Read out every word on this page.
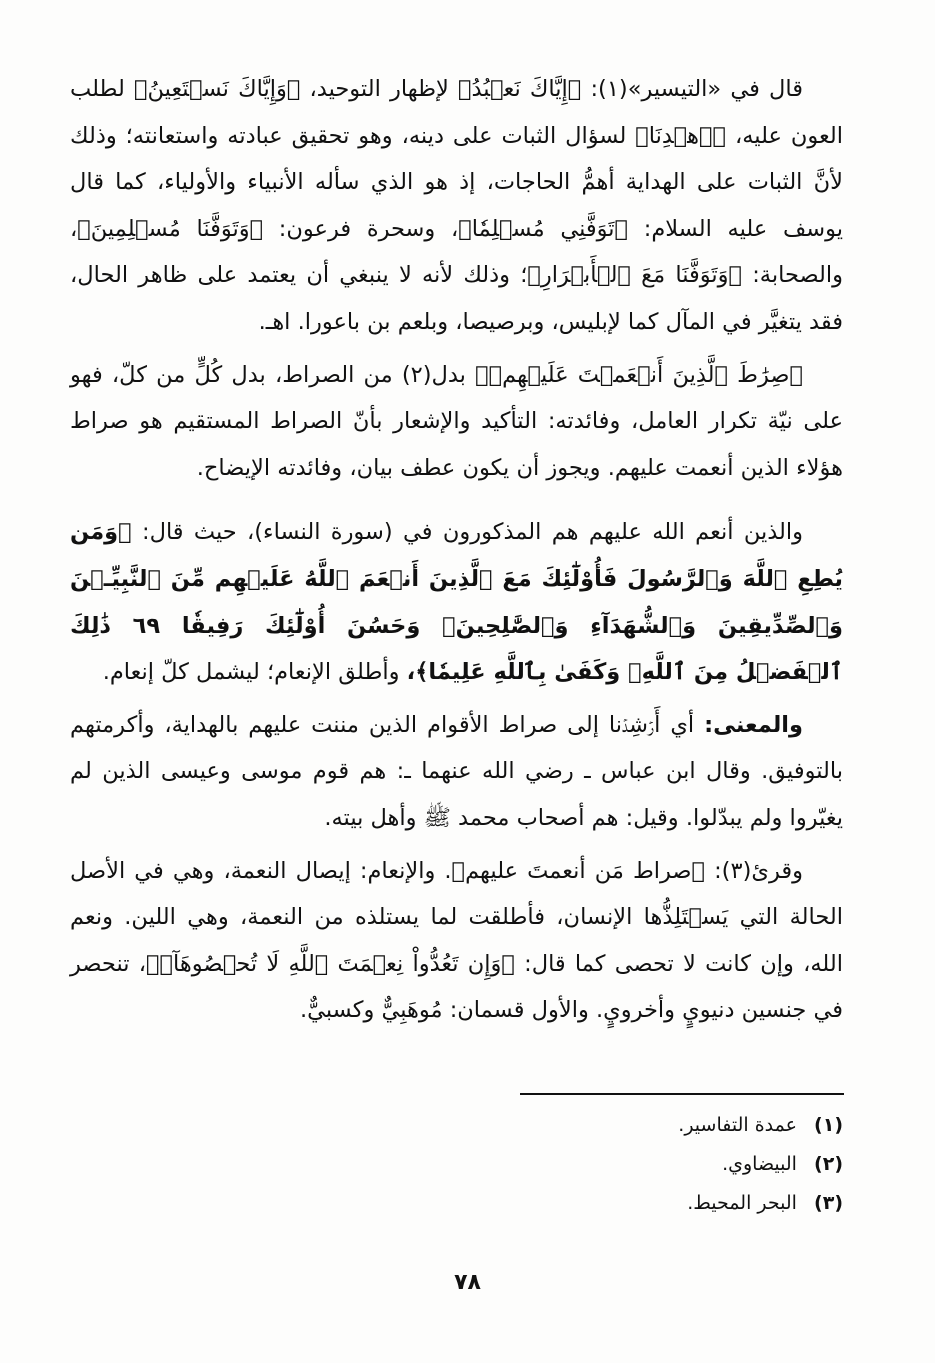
قال في «التيسير»(١): ﴿إِيَّاكَ نَعۡبُدُ﴾ لإظهار التوحيد، ﴿وَإِيَّاكَ نَسۡتَعِينُ﴾ لطلب العون عليه، ﴿ٱهۡدِنَا﴾ لسؤال الثبات على دينه، وهو تحقيق عبادته واستعانته؛ وذلك لأنَّ الثبات على الهداية أهمُّ الحاجات، إذ هو الذي سأله الأنبياء والأولياء، كما قال يوسف عليه السلام: ﴿تَوَفَّنِي مُسۡلِمٗا﴾، وسحرة فرعون: ﴿وَتَوَفَّنَا مُسۡلِمِينَ﴾، والصحابة: ﴿وَتَوَفَّنَا مَعَ ٱلۡأَبۡرَارِ﴾؛ وذلك لأنه لا ينبغي أن يعتمد على ظاهر الحال، فقد يتغيَّر في المآل كما لإبليس، وبرصيصا، وبلعم بن باعورا. اهـ.

﴿صِرَٰطَ ٱلَّذِينَ أَنۡعَمۡتَ عَلَيۡهِمۡ﴾ بدل(٢) من الصراط، بدل كُلٍّ من كلّ، فهو على نيّة تكرار العامل، وفائدته: التأكيد والإشعار بأنّ الصراط المستقيم هو صراط هؤلاء الذين أنعمت عليهم. ويجوز أن يكون عطف بيان، وفائدته الإيضاح.

والذين أنعم الله عليهم هم المذكورون في (سورة النساء)، حيث قال: ﴿وَمَن يُطِعِ ٱللَّهَ وَٱلرَّسُولَ فَأُوْلَٰٓئِكَ مَعَ ٱلَّذِينَ أَنۡعَمَ ٱللَّهُ عَلَيۡهِم مِّنَ ٱلنَّبِيِّـۧنَ وَٱلصِّدِّيقِينَ وَٱلشُّهَدَآءِ وَٱلصَّٰلِحِينَۚ وَحَسُنَ أُوْلَٰٓئِكَ رَفِيقٗا ٦٩ ذَٰلِكَ ٱلۡفَضۡلُ مِنَ ٱللَّهِۚ وَكَفَىٰ بِٱللَّهِ عَلِيمٗا﴾، وأطلق الإنعام؛ ليشمل كلّ إنعام.

والمعنى: أي أَرۡشِدۡنا إلى صراط الأقوام الذين مننت عليهم بالهداية، وأكرمتهم بالتوفيق. وقال ابن عباس ـ رضي الله عنهما ـ: هم قوم موسى وعيسى الذين لم يغيّروا ولم يبدّلوا. وقيل: هم أصحاب محمد ﷺ وأهل بيته.

وقرئ(٣): ﴿صراط مَن أنعمتَ عليهم﴾. والإنعام: إيصال النعمة، وهي في الأصل الحالة التي يَسۡتَلِذُّها الإنسان، فأطلقت لما يستلذه من النعمة، وهي اللين. ونعم الله، وإن كانت لا تحصى كما قال: ﴿وَإِن تَعُدُّواْ نِعۡمَتَ ٱللَّهِ لَا تُحۡصُوهَآۗ﴾، تنحصر في جنسين دنيويٍ وأخرويٍ. والأول قسمان: مُوهَبِيٌّ وكسبيٌّ.

(١) عمدة التفاسير.
(٢) البيضاوي.
(٣) البحر المحيط.
٧٨
